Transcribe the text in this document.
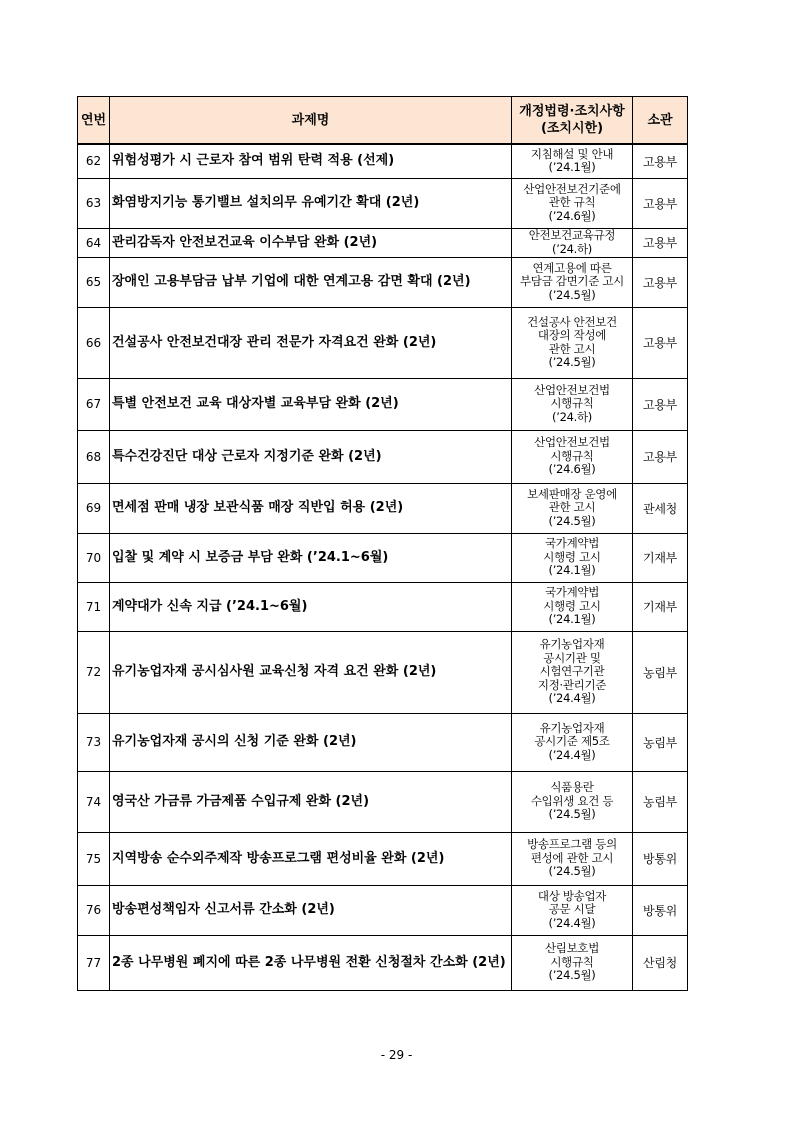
연번	과제명	개정법령·조치사항
(조치시한)	소관
62	위험성평가 시 근로자 참여 범위 탄력 적용 (선제)	지침해설 및 안내
(’24.1월)	고용부
63	화염방지기능 통기밸브 설치의무 유예기간 확대 (2년)	산업안전보건기준에
관한 규칙
(’24.6월)	고용부
64	관리감독자 안전보건교육 이수부담 완화 (2년)	안전보건교육규정
(’24.하)	고용부
65	장애인 고용부담금 납부 기업에 대한 연계고용 감면 확대 (2년)	연계고용에 따른
부담금 감면기준 고시
(’24.5월)	고용부
66	건설공사 안전보건대장 관리 전문가 자격요건 완화 (2년)	건설공사 안전보건
대장의 작성에
관한 고시
(’24.5월)	고용부
67	특별 안전보건 교육 대상자별 교육부담 완화 (2년)	산업안전보건법
시행규칙
(’24.하)	고용부
68	특수건강진단 대상 근로자 지정기준 완화 (2년)	산업안전보건법
시행규칙
(’24.6월)	고용부
69	면세점 판매 냉장 보관식품 매장 직반입 허용 (2년)	보세판매장 운영에
관한 고시
(’24.5월)	관세청
70	입찰 및 계약 시 보증금 부담 완화 (’24.1~6월)	국가계약법
시행령 고시
(’24.1월)	기재부
71	계약대가 신속 지급 (’24.1~6월)	국가계약법
시행령 고시
(’24.1월)	기재부
72	유기농업자재 공시심사원 교육신청 자격 요건 완화 (2년)	유기농업자재
공시기관 및
시험연구기관
지정·관리기준
(’24.4월)	농림부
73	유기농업자재 공시의 신청 기준 완화 (2년)	유기농업자재
공시기준 제5조
(’24.4월)	농림부
74	영국산 가금류 가금제품 수입규제 완화 (2년)	식품용란
수입위생 요건 등
(’24.5월)	농림부
75	지역방송 순수외주제작 방송프로그램 편성비율 완화 (2년)	방송프로그램 등의
편성에 관한 고시
(’24.5월)	방통위
76	방송편성책임자 신고서류 간소화 (2년)	대상 방송업자
공문 시달
(’24.4월)	방통위
77	2종 나무병원 폐지에 따른 2종 나무병원 전환 신청절차 간소화 (2년)	산림보호법
시행규칙
(’24.5월)	산림청
- 29 -
